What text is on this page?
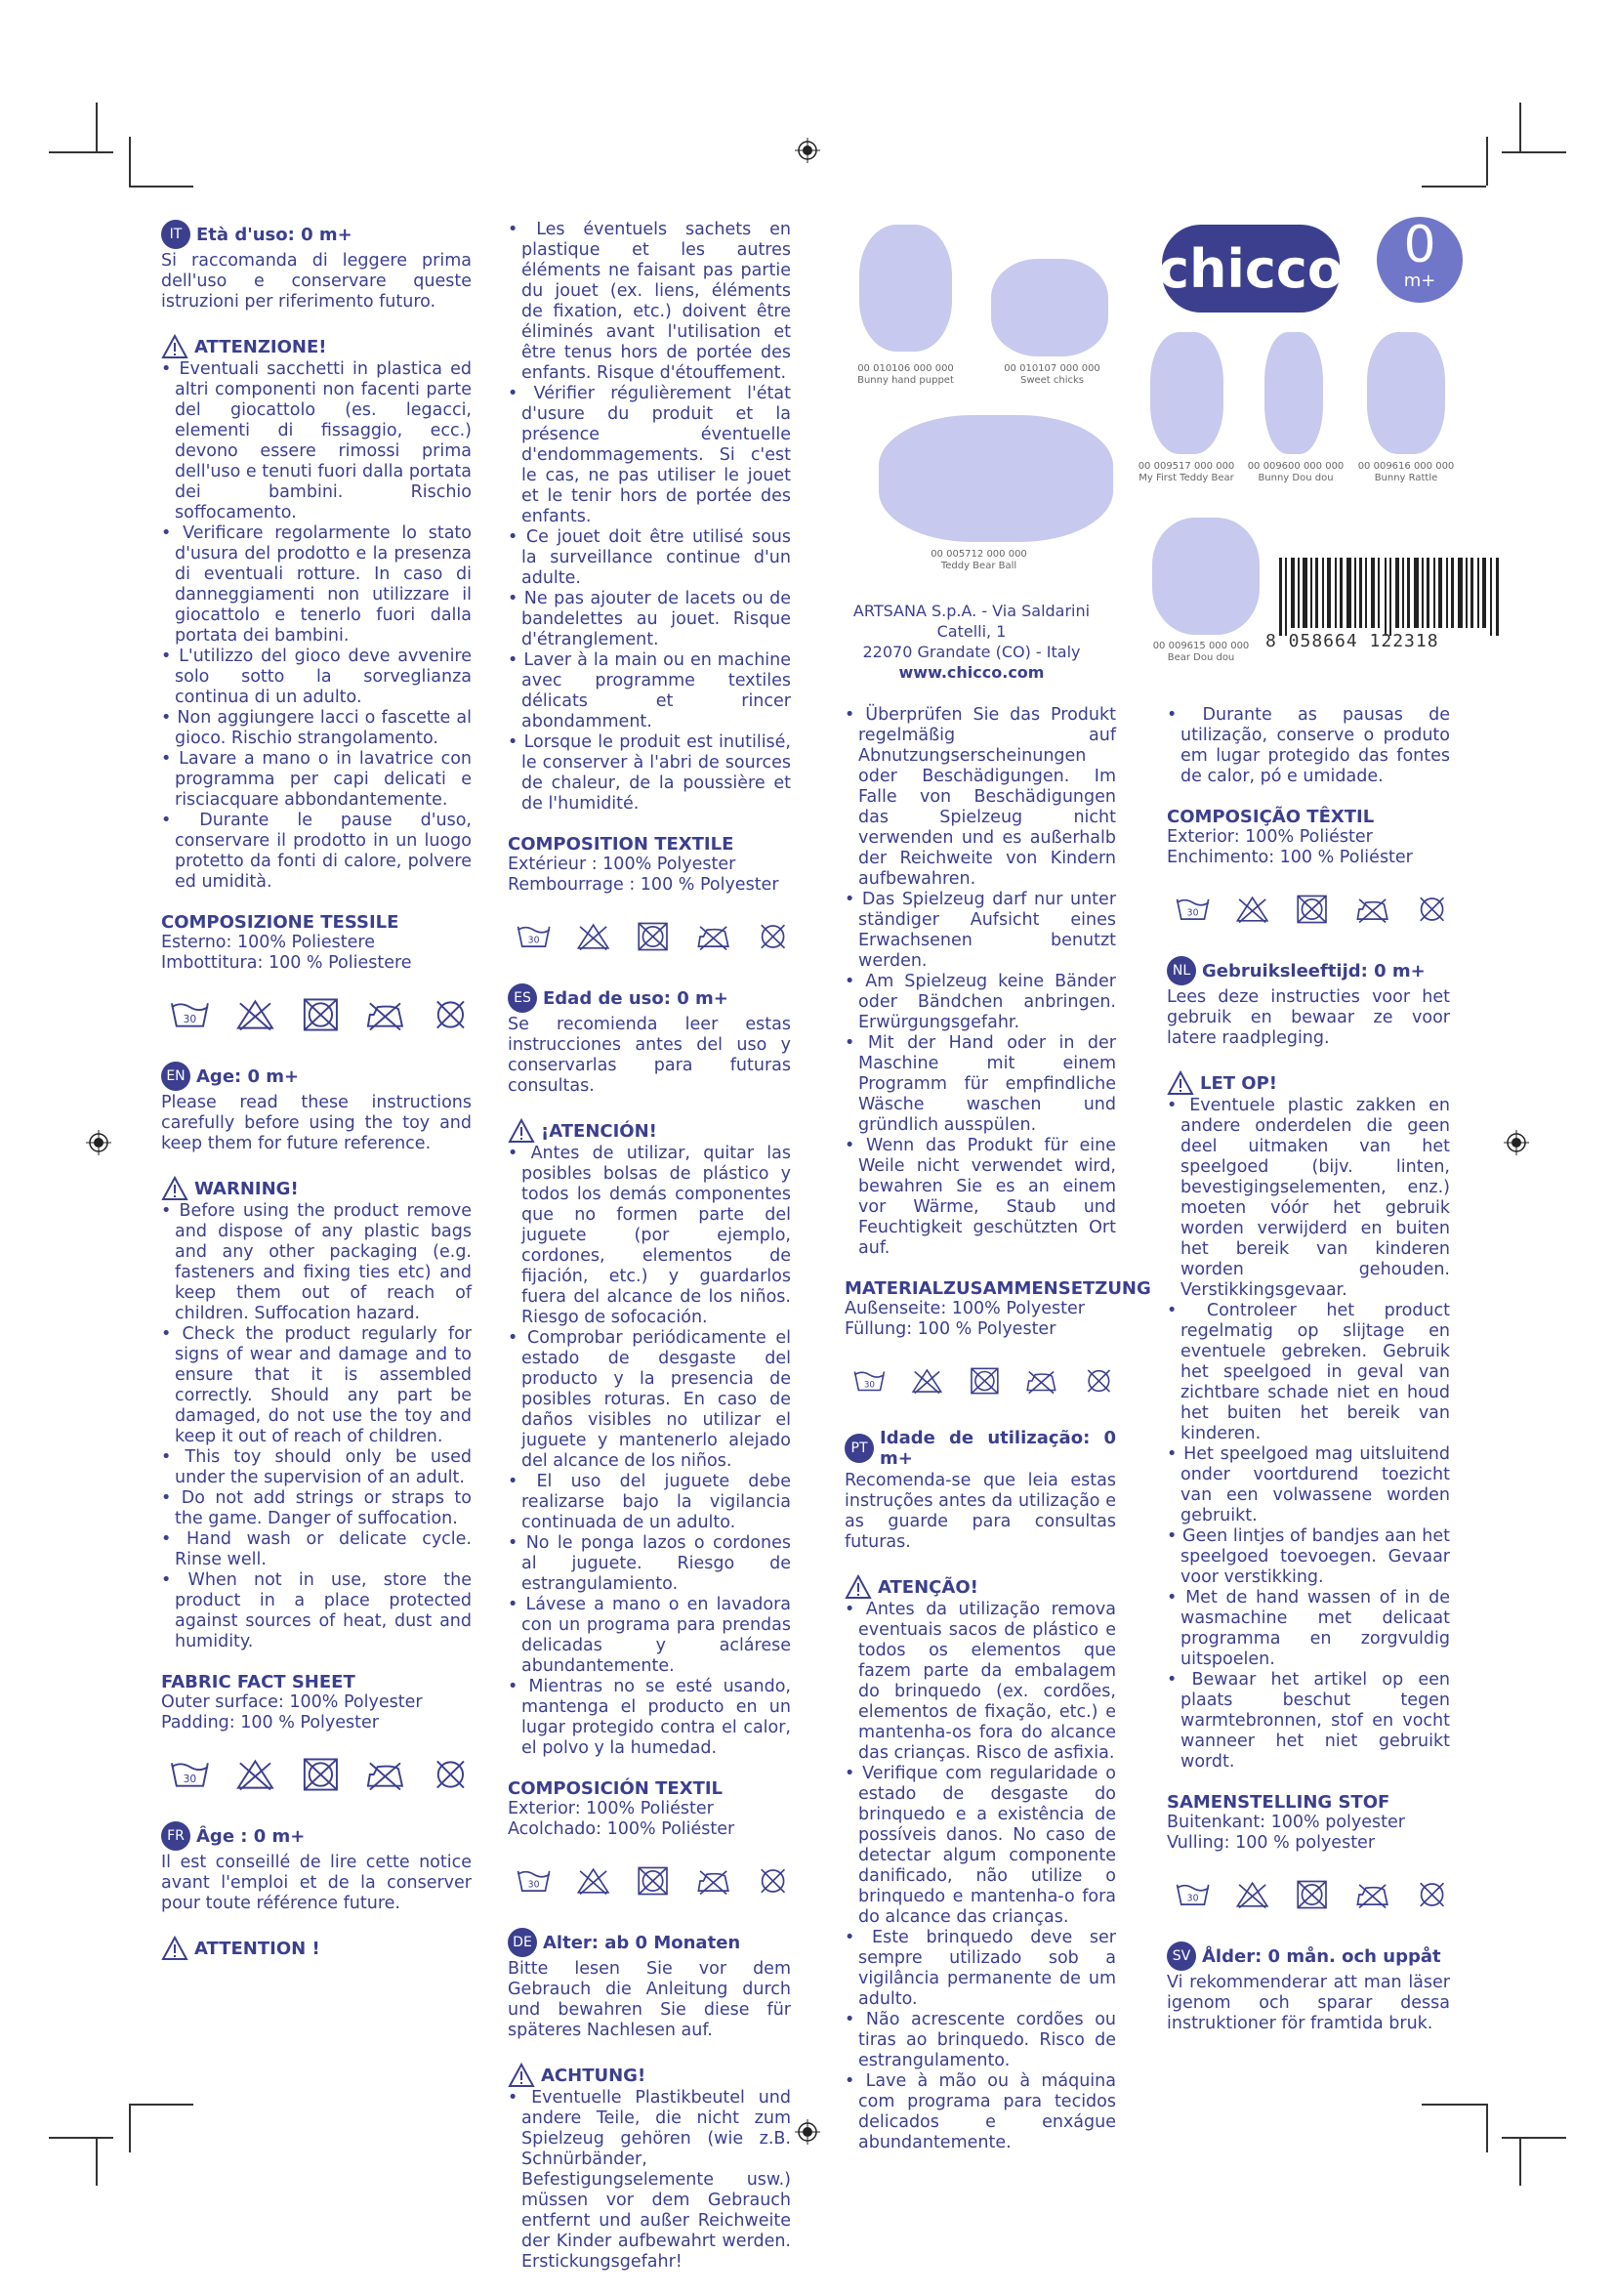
IT Età d'uso: 0 m+
Si raccomanda di leggere prima dell'uso e conservare queste istruzioni per riferimento futuro.
ATTENZIONE!
• Eventuali sacchetti in plastica ed altri componenti non facenti parte del giocattolo (es. legacci, elementi di fissaggio, ecc.) devono essere rimossi prima dell'uso e tenuti fuori dalla portata dei bambini. Rischio soffocamento.
• Verificare regolarmente lo stato d'usura del prodotto e la presenza di eventuali rotture. In caso di danneggiamenti non utilizzare il giocattolo e tenerlo fuori dalla portata dei bambini.
• L'utilizzo del gioco deve avvenire solo sotto la sorveglianza continua di un adulto.
• Non aggiungere lacci o fascette al gioco. Rischio strangolamento.
• Lavare a mano o in lavatrice con programma per capi delicati e risciacquare abbondantemente.
• Durante le pause d'uso, conservare il prodotto in un luogo protetto da fonti di calore, polvere ed umidità.
COMPOSIZIONE TESSILE
Esterno: 100% Poliestere
Imbottitura: 100 % Poliestere
30
EN Age: 0 m+
Please read these instructions carefully before using the toy and keep them for future reference.
WARNING!
• Before using the product remove and dispose of any plastic bags and any other packaging (e.g. fasteners and fixing ties etc) and keep them out of reach of children. Suffocation hazard.
• Check the product regularly for signs of wear and damage and to ensure that it is assembled correctly. Should any part be damaged, do not use the toy and keep it out of reach of children.
• This toy should only be used under the supervision of an adult.
• Do not add strings or straps to the game. Danger of suffocation.
• Hand wash or delicate cycle. Rinse well.
• When not in use, store the product in a place protected against sources of heat, dust and humidity.
FABRIC FACT SHEET
Outer surface: 100% Polyester
Padding: 100 % Polyester
30
FR Âge : 0 m+
Il est conseillé de lire cette notice avant l'emploi et de la conserver pour toute référence future.
ATTENTION !
• Les éventuels sachets en plastique et les autres éléments ne faisant pas partie du jouet (ex. liens, éléments de fixation, etc.) doivent être éliminés avant l'utilisation et être tenus hors de portée des enfants. Risque d'étouffement.
• Vérifier régulièrement l'état d'usure du produit et la présence éventuelle d'endommagements. Si c'est le cas, ne pas utiliser le jouet et le tenir hors de portée des enfants.
• Ce jouet doit être utilisé sous la surveillance continue d'un adulte.
• Ne pas ajouter de lacets ou de bandelettes au jouet. Risque d'étranglement.
• Laver à la main ou en machine avec programme textiles délicats et rincer abondamment.
• Lorsque le produit est inutilisé, le conserver à l'abri de sources de chaleur, de la poussière et de l'humidité.
COMPOSITION TEXTILE
Extérieur : 100% Polyester
Rembourrage : 100 % Polyester
30
ES Edad de uso: 0 m+
Se recomienda leer estas instrucciones antes del uso y conservarlas para futuras consultas.
¡ATENCIÓN!
• Antes de utilizar, quitar las posibles bolsas de plástico y todos los demás componentes que no formen parte del juguete (por ejemplo, cordones, elementos de fijación, etc.) y guardarlos fuera del alcance de los niños. Riesgo de sofocación.
• Comprobar periódicamente el estado de desgaste del producto y la presencia de posibles roturas. En caso de daños visibles no utilizar el juguete y mantenerlo alejado del alcance de los niños.
• El uso del juguete debe realizarse bajo la vigilancia continuada de un adulto.
• No le ponga lazos o cordones al juguete. Riesgo de estrangulamiento.
• Lávese a mano o en lavadora con un programa para prendas delicadas y aclárese abundantemente.
• Mientras no se esté usando, mantenga el producto en un lugar protegido contra el calor, el polvo y la humedad.
COMPOSICIÓN TEXTIL
Exterior: 100% Poliéster
Acolchado: 100% Poliéster
30
DE Alter: ab 0 Monaten
Bitte lesen Sie vor dem Gebrauch die Anleitung durch und bewahren Sie diese für späteres Nachlesen auf.
ACHTUNG!
• Eventuelle Plastikbeutel und andere Teile, die nicht zum Spielzeug gehören (wie z.B. Schnürbänder, Befestigungselemente usw.) müssen vor dem Gebrauch entfernt und außer Reichweite der Kinder aufbewahrt werden. Erstickungsgefahr!
00 010106 000 000
Bunny hand puppet
00 010107 000 000
Sweet chicks
00 005712 000 000
Teddy Bear Ball
00 009517 000 000
My First Teddy Bear
00 009600 000 000
Bunny Dou dou
00 009616 000 000
Bunny Rattle
00 009615 000 000
Bear Dou dou
chicco	0
m+
ARTSANA S.p.A. - Via Saldarini Catelli, 1
22070 Grandate (CO) - Italy
www.chicco.com
8 058664 122318
• Überprüfen Sie das Produkt regelmäßig auf Abnutzungserscheinungen oder Beschädigungen. Im Falle von Beschädigungen das Spielzeug nicht verwenden und es außerhalb der Reichweite von Kindern aufbewahren.
• Das Spielzeug darf nur unter ständiger Aufsicht eines Erwachsenen benutzt werden.
• Am Spielzeug keine Bänder oder Bändchen anbringen. Erwürgungsgefahr.
• Mit der Hand oder in der Maschine mit einem Programm für empfindliche Wäsche waschen und gründlich ausspülen.
• Wenn das Produkt für eine Weile nicht verwendet wird, bewahren Sie es an einem vor Wärme, Staub und Feuchtigkeit geschützten Ort auf.
MATERIALZUSAMMENSETZUNG
Außenseite: 100% Polyester
Füllung: 100 % Polyester
30
PT Idade de utilização: 0 m+
Recomenda-se que leia estas instruções antes da utilização e as guarde para consultas futuras.
ATENÇÃO!
• Antes da utilização remova eventuais sacos de plástico e todos os elementos que fazem parte da embalagem do brinquedo (ex. cordões, elementos de fixação, etc.) e mantenha-os fora do alcance das crianças. Risco de asfixia.
• Verifique com regularidade o estado de desgaste do brinquedo e a existência de possíveis danos. No caso de detectar algum componente danificado, não utilize o brinquedo e mantenha-o fora do alcance das crianças.
• Este brinquedo deve ser sempre utilizado sob a vigilância permanente de um adulto.
• Não acrescente cordões ou tiras ao brinquedo. Risco de estrangulamento.
• Lave à mão ou à máquina com programa para tecidos delicados e enxágue abundantemente.
• Durante as pausas de utilização, conserve o produto em lugar protegido das fontes de calor, pó e umidade.
COMPOSIÇÃO TÊXTIL
Exterior: 100% Poliéster
Enchimento: 100 % Poliéster
30
NL Gebruiksleeftijd: 0 m+
Lees deze instructies voor het gebruik en bewaar ze voor latere raadpleging.
LET OP!
• Eventuele plastic zakken en andere onderdelen die geen deel uitmaken van het speelgoed (bijv. linten, bevestigingselementen, enz.) moeten vóór het gebruik worden verwijderd en buiten het bereik van kinderen worden gehouden. Verstikkingsgevaar.
• Controleer het product regelmatig op slijtage en eventuele gebreken. Gebruik het speelgoed in geval van zichtbare schade niet en houd het buiten het bereik van kinderen.
• Het speelgoed mag uitsluitend onder voortdurend toezicht van een volwassene worden gebruikt.
• Geen lintjes of bandjes aan het speelgoed toevoegen. Gevaar voor verstikking.
• Met de hand wassen of in de wasmachine met delicaat programma en zorgvuldig uitspoelen.
• Bewaar het artikel op een plaats beschut tegen warmtebronnen, stof en vocht wanneer het niet gebruikt wordt.
SAMENSTELLING STOF
Buitenkant: 100% polyester
Vulling: 100 % polyester
30
SV Ålder: 0 mån. och uppåt
Vi rekommenderar att man läser igenom och sparar dessa instruktioner för framtida bruk.
